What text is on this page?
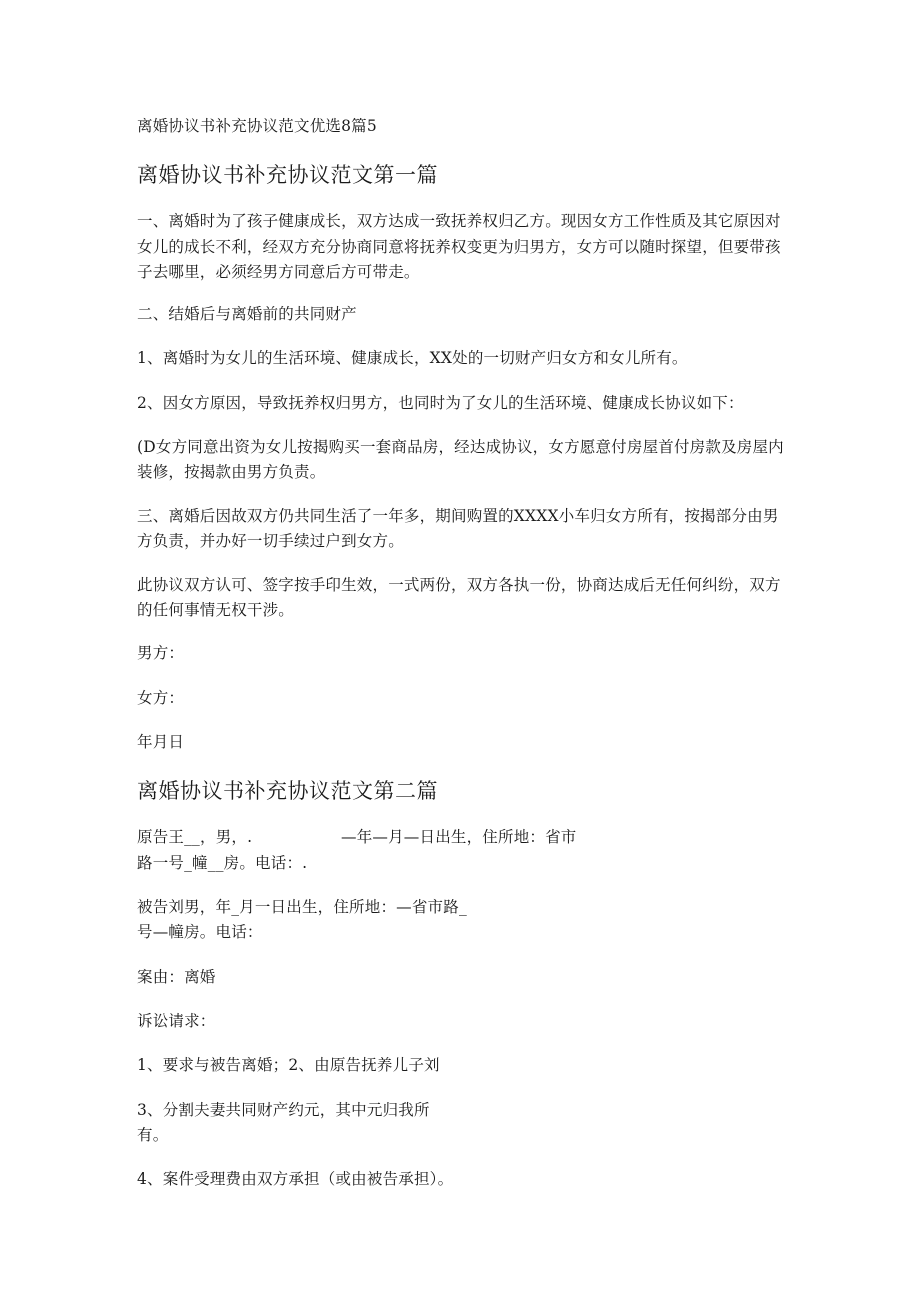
离婚协议书补充协议范文优选8篇5
离婚协议书补充协议范文第一篇
一、离婚时为了孩子健康成长，双方达成一致抚养权归乙方。现因女方工作性质及其它原因对
女儿的成长不利，经双方充分协商同意将抚养权变更为归男方，女方可以随时探望，但要带孩
子去哪里，必须经男方同意后方可带走。
二、结婚后与离婚前的共同财产
1、离婚时为女儿的生活环境、健康成长，XX处的一切财产归女方和女儿所有。
2、因女方原因，导致抚养权归男方，也同时为了女儿的生活环境、健康成长协议如下：
(D女方同意出资为女儿按揭购买一套商品房，经达成协议，女方愿意付房屋首付房款及房屋内
装修，按揭款由男方负责。
三、离婚后因故双方仍共同生活了一年多，期间购置的XXXX小车归女方所有，按揭部分由男
方负责，并办好一切手续过户到女方。
此协议双方认可、签字按手印生效，一式两份，双方各执一份，协商达成后无任何纠纷，双方
的任何事情无权干涉。
男方：
女方：
年月日
离婚协议书补充协议范文第二篇
原告王__，男，.	—年—月—日出生，住所地：省市
路一号_幢__房。电话：.
被告刘男，年_月一日出生，住所地：—省市路_
号—幢房。电话：
案由：离婚
诉讼请求：
1、要求与被告离婚；2、由原告抚养儿子刘
3、分割夫妻共同财产约元，其中元归我所
有。
4、案件受理费由双方承担（或由被告承担）。
